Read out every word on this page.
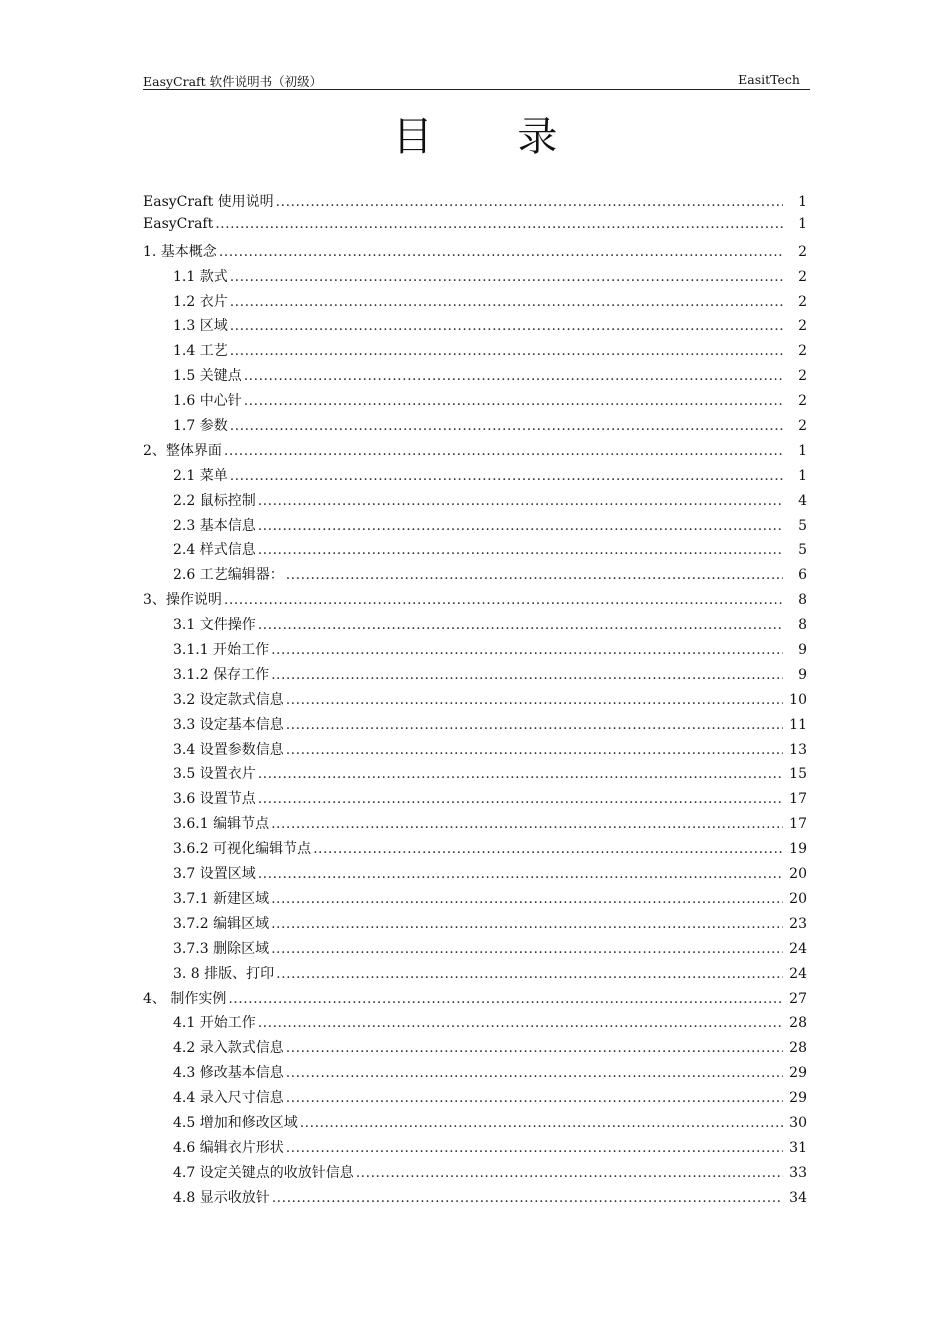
EasyCraft 软件说明书（初级）	EasitTech
目 录
EasyCraft 使用说明 .....	1
EasyCraft .....	1
1. 基本概念 .....	2
1.1 款式 .....	2
1.2 衣片 .....	2
1.3 区域 .....	2
1.4 工艺 .....	2
1.5 关键点 .....	2
1.6 中心针 .....	2
1.7 参数 .....	2
2、整体界面 .....	1
2.1 菜单 .....	1
2.2 鼠标控制 .....	4
2.3 基本信息 .....	5
2.4 样式信息 .....	5
2.6 工艺编辑器： .....	6
3、操作说明 .....	8
3.1 文件操作 .....	8
3.1.1 开始工作 .....	9
3.1.2 保存工作 .....	9
3.2 设定款式信息 .....	10
3.3 设定基本信息 .....	11
3.4 设置参数信息 .....	13
3.5 设置衣片 .....	15
3.6 设置节点 .....	17
3.6.1 编辑节点 .....	17
3.6.2 可视化编辑节点 .....	19
3.7 设置区域 .....	20
3.7.1 新建区域 .....	20
3.7.2 编辑区域 .....	23
3.7.3 删除区域 .....	24
3. 8 排版、打印 .....	24
4、 制作实例 .....	27
4.1 开始工作 .....	28
4.2 录入款式信息 .....	28
4.3 修改基本信息 .....	29
4.4 录入尺寸信息 .....	29
4.5 增加和修改区域 .....	30
4.6 编辑衣片形状 .....	31
4.7 设定关键点的收放针信息 .....	33
4.8 显示收放针 .....	34
